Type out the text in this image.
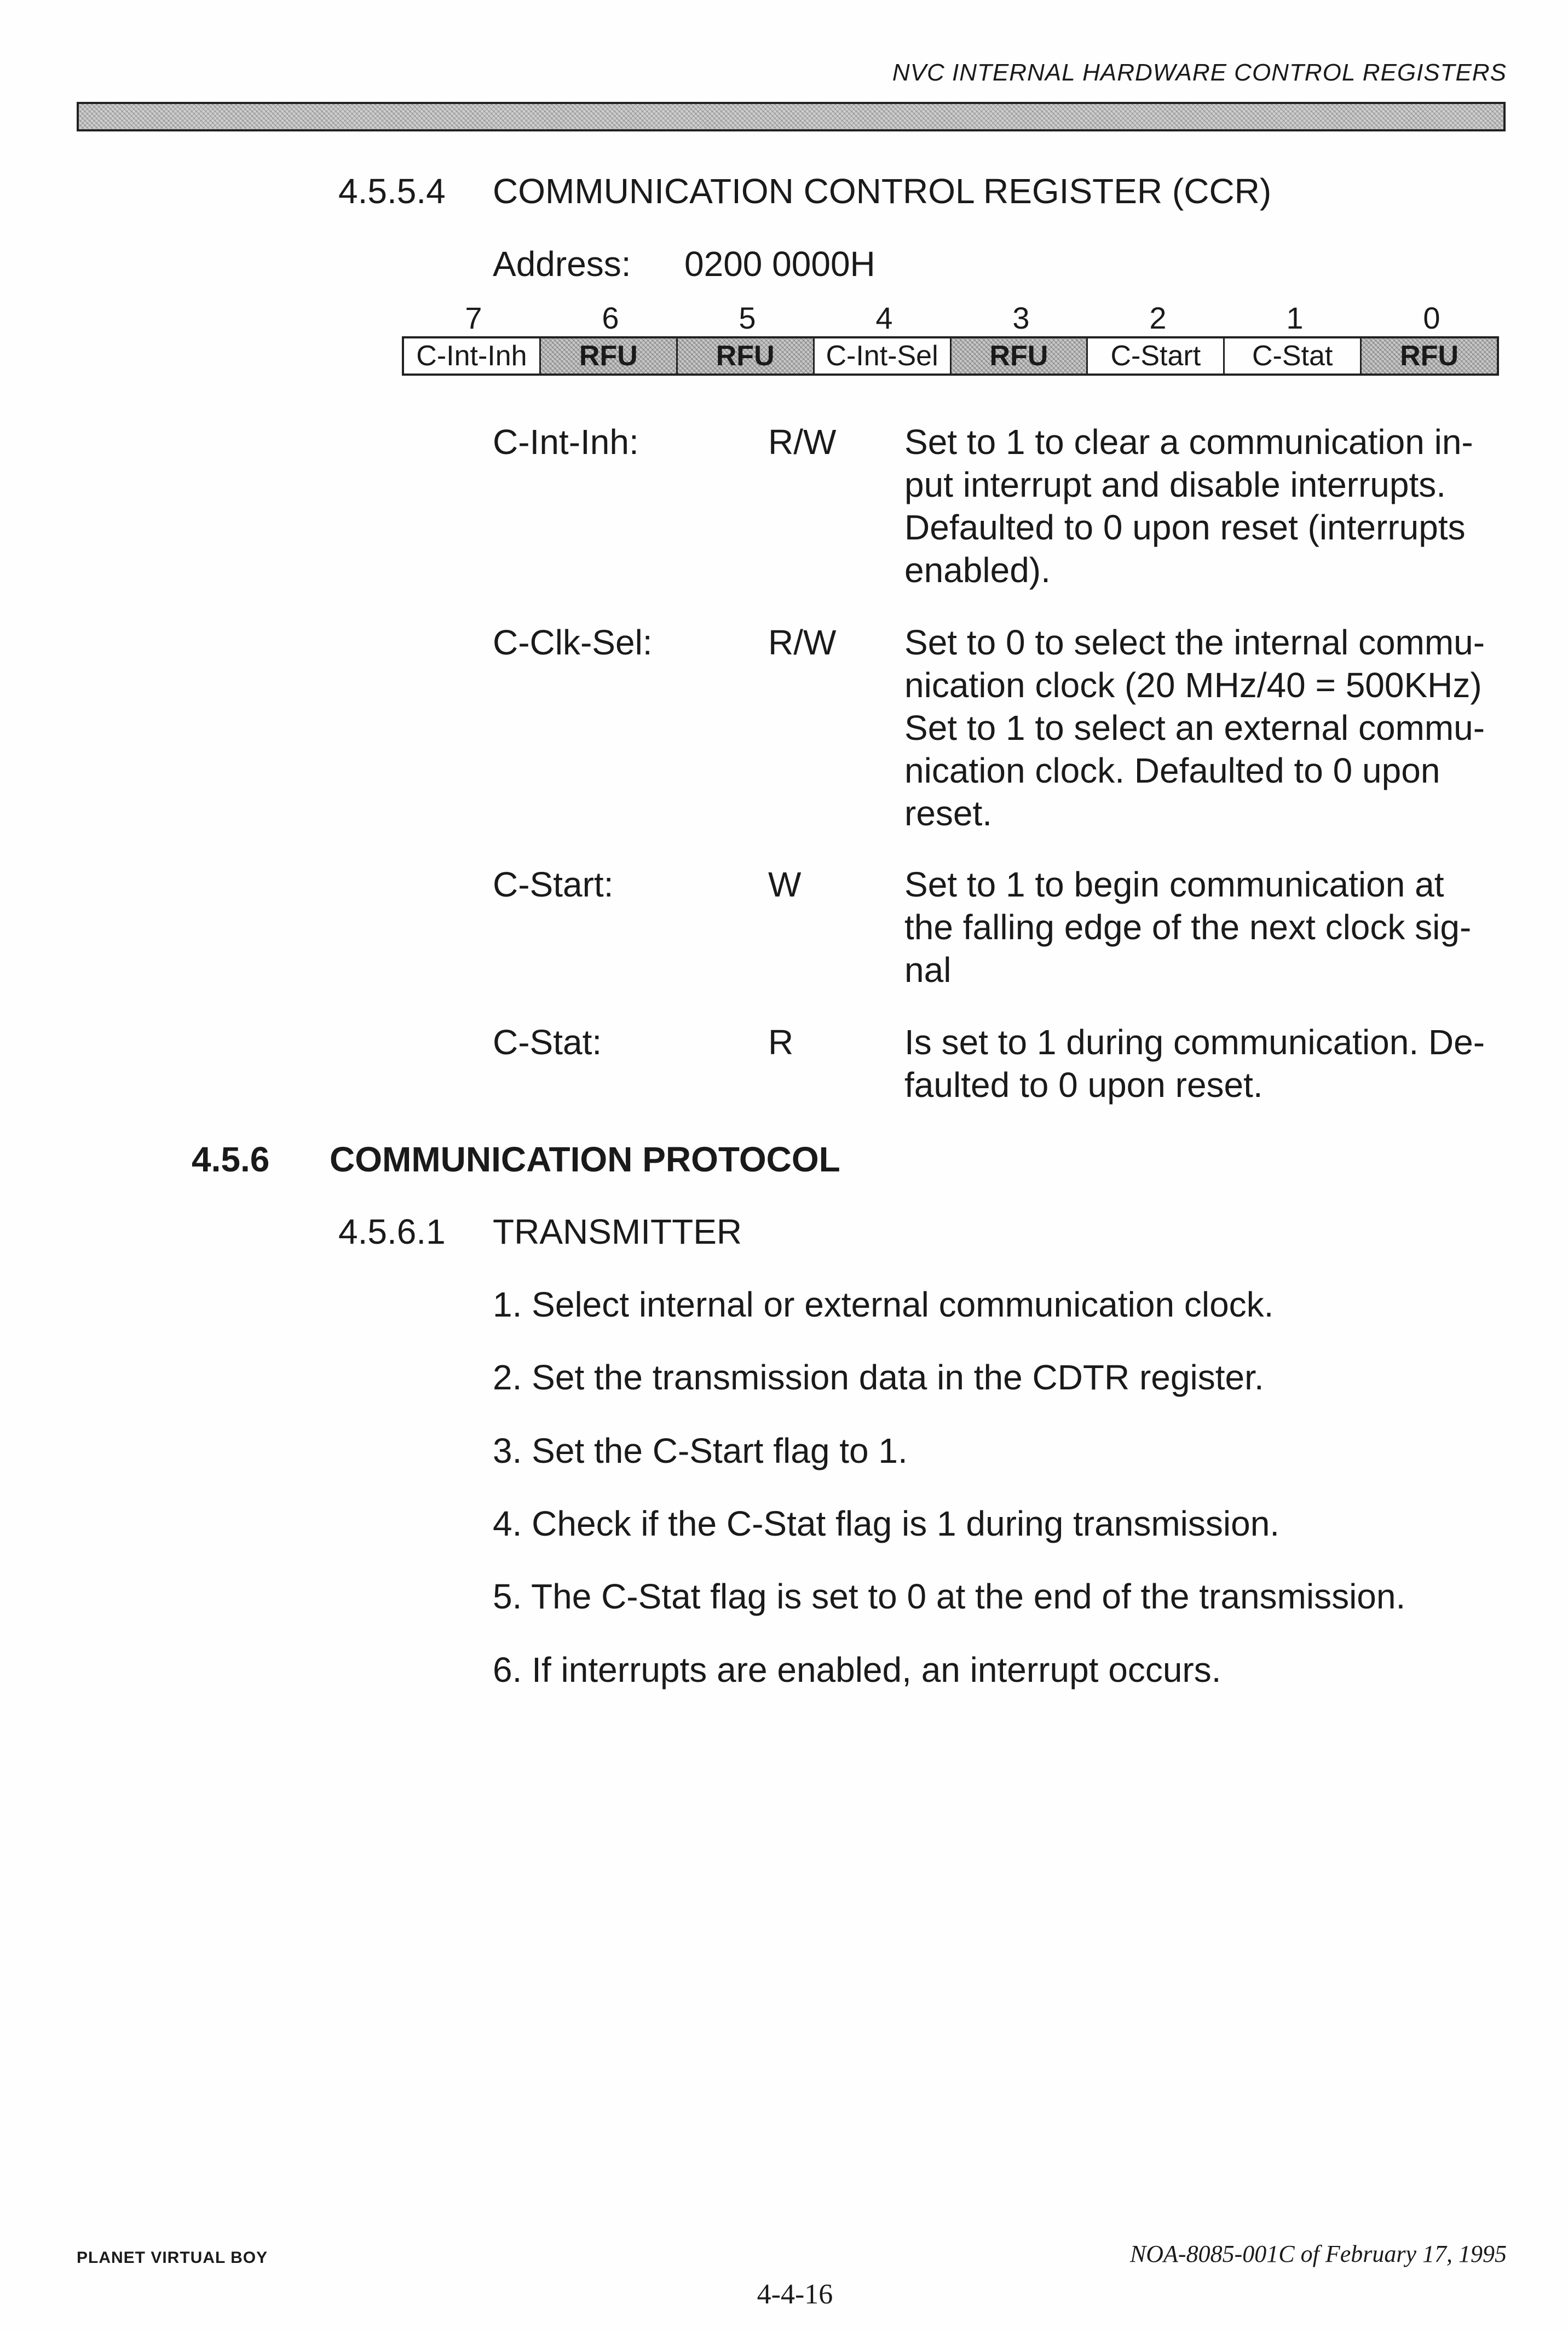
NVC INTERNAL HARDWARE CONTROL REGISTERS
4.5.5.4 COMMUNICATION CONTROL REGISTER (CCR)
Address: 0200 0000H
7	6	5	4	3	2	1	0
C-Int-Inh	RFU	RFU	C-Int-Sel	RFU	C-Start	C-Stat	RFU
C-Int-Inh:	R/W Set to 1 to clear a communication in-
put interrupt and disable interrupts.
Defaulted to 0 upon reset (interrupts
enabled).
C-Clk-Sel:	R/W Set to 0 to select the internal commu-
nication clock (20 MHz/40 = 500KHz)
Set to 1 to select an external commu-
nication clock. Defaulted to 0 upon
reset.
C-Start:	W	Set to 1 to begin communication at
the falling edge of the next clock sig-
nal
C-Stat:	R	Is set to 1 during communication. De-
faulted to 0 upon reset.
4.5.6 COMMUNICATION PROTOCOL
4.5.6.1 TRANSMITTER
1. Select internal or external communication clock.
2. Set the transmission data in the CDTR register.
3. Set the C-Start flag to 1.
4. Check if the C-Stat flag is 1 during transmission.
5. The C-Stat flag is set to 0 at the end of the transmission.
6. If interrupts are enabled, an interrupt occurs.
PLANET VIRTUAL BOY	NOA-8085-001C of February 17, 1995
4-4-16
